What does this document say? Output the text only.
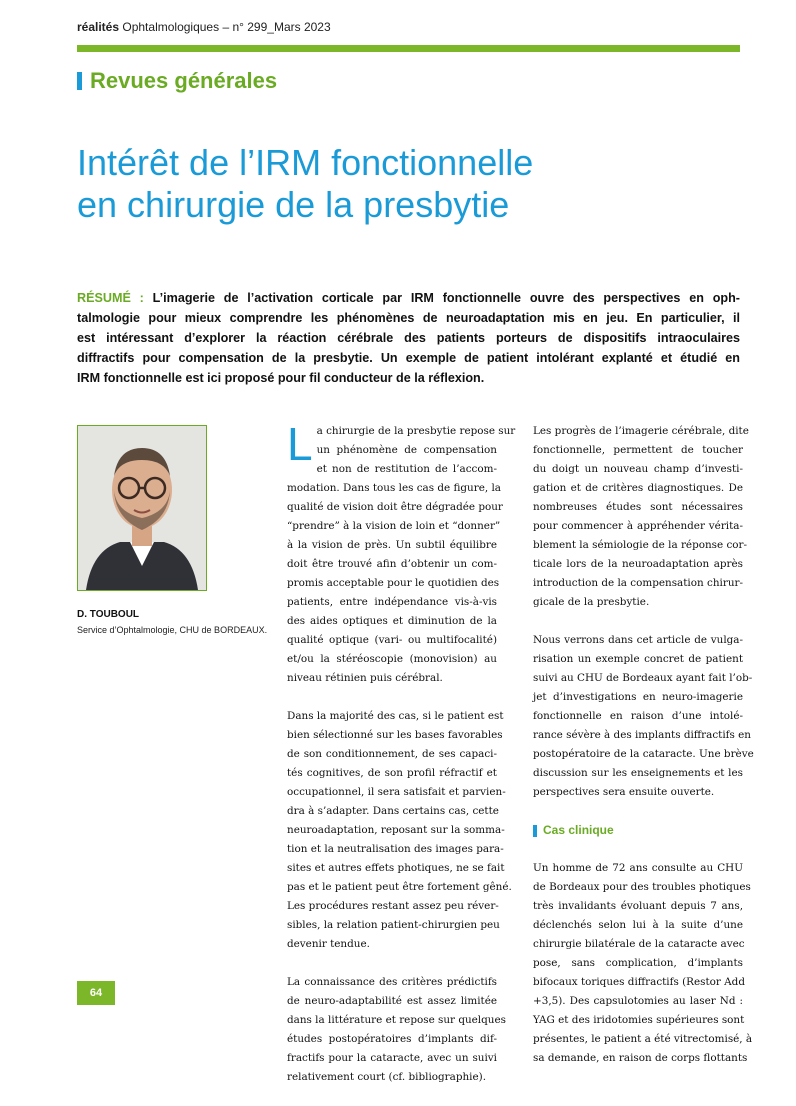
réalités Ophtalmologiques – n° 299_Mars 2023
Revues générales
Intérêt de l’IRM fonctionnelle
en chirurgie de la presbytie
RÉSUMÉ : L’imagerie de l’activation corticale par IRM fonctionnelle ouvre des perspectives en oph-
talmologie pour mieux comprendre les phénomènes de neuroadaptation mis en jeu. En particulier, il
est intéressant d’explorer la réaction cérébrale des patients porteurs de dispositifs intraoculaires
diffractifs pour compensation de la presbytie. Un exemple de patient intolérant explanté et étudié en
IRM fonctionnelle est ici proposé pour fil conducteur de la réflexion.
D. TOUBOUL
Service d’Ophtalmologie, CHU de BORDEAUX.
L a chirurgie de la presbytie repose sur
un phénomène de compensation
et non de restitution de l’accom-
modation. Dans tous les cas de figure, la
qualité de vision doit être dégradée pour
“prendre” à la vision de loin et “donner”
à la vision de près. Un subtil équilibre
doit être trouvé afin d’obtenir un com-
promis acceptable pour le quotidien des
patients, entre indépendance vis-à-vis
des aides optiques et diminution de la
qualité optique (vari- ou multifocalité)
et/ou la stéréoscopie (monovision) au
niveau rétinien puis cérébral.
Dans la majorité des cas, si le patient est
bien sélectionné sur les bases favorables
de son conditionnement, de ses capaci-
tés cognitives, de son profil réfractif et
occupationnel, il sera satisfait et parvien-
dra à s’adapter. Dans certains cas, cette
neuroadaptation, reposant sur la somma-
tion et la neutralisation des images para-
sites et autres effets photiques, ne se fait
pas et le patient peut être fortement gêné.
Les procédures restant assez peu réver-
sibles, la relation patient-chirurgien peu
devenir tendue.
La connaissance des critères prédictifs
de neuro-adaptabilité est assez limitée
dans la littérature et repose sur quelques
études postopératoires d’implants dif-
fractifs pour la cataracte, avec un suivi
relativement court (cf. bibliographie).
Les progrès de l’imagerie cérébrale, dite
fonctionnelle, permettent de toucher
du doigt un nouveau champ d’investi-
gation et de critères diagnostiques. De
nombreuses études sont nécessaires
pour commencer à appréhender vérita-
blement la sémiologie de la réponse cor-
ticale lors de la neuroadaptation après
introduction de la compensation chirur-
gicale de la presbytie.
Nous verrons dans cet article de vulga-
risation un exemple concret de patient
suivi au CHU de Bordeaux ayant fait l’ob-
jet d’investigations en neuro-imagerie
fonctionnelle en raison d’une intolé-
rance sévère à des implants diffractifs en
postopératoire de la cataracte. Une brève
discussion sur les enseignements et les
perspectives sera ensuite ouverte.
Cas clinique
Un homme de 72 ans consulte au CHU
de Bordeaux pour des troubles photiques
très invalidants évoluant depuis 7 ans,
déclenchés selon lui à la suite d’une
chirurgie bilatérale de la cataracte avec
pose, sans complication, d’implants
bifocaux toriques diffractifs (Restor Add
+3,5). Des capsulotomies au laser Nd :
YAG et des iridotomies supérieures sont
présentes, le patient a été vitrectomisé, à
sa demande, en raison de corps flottants
64
